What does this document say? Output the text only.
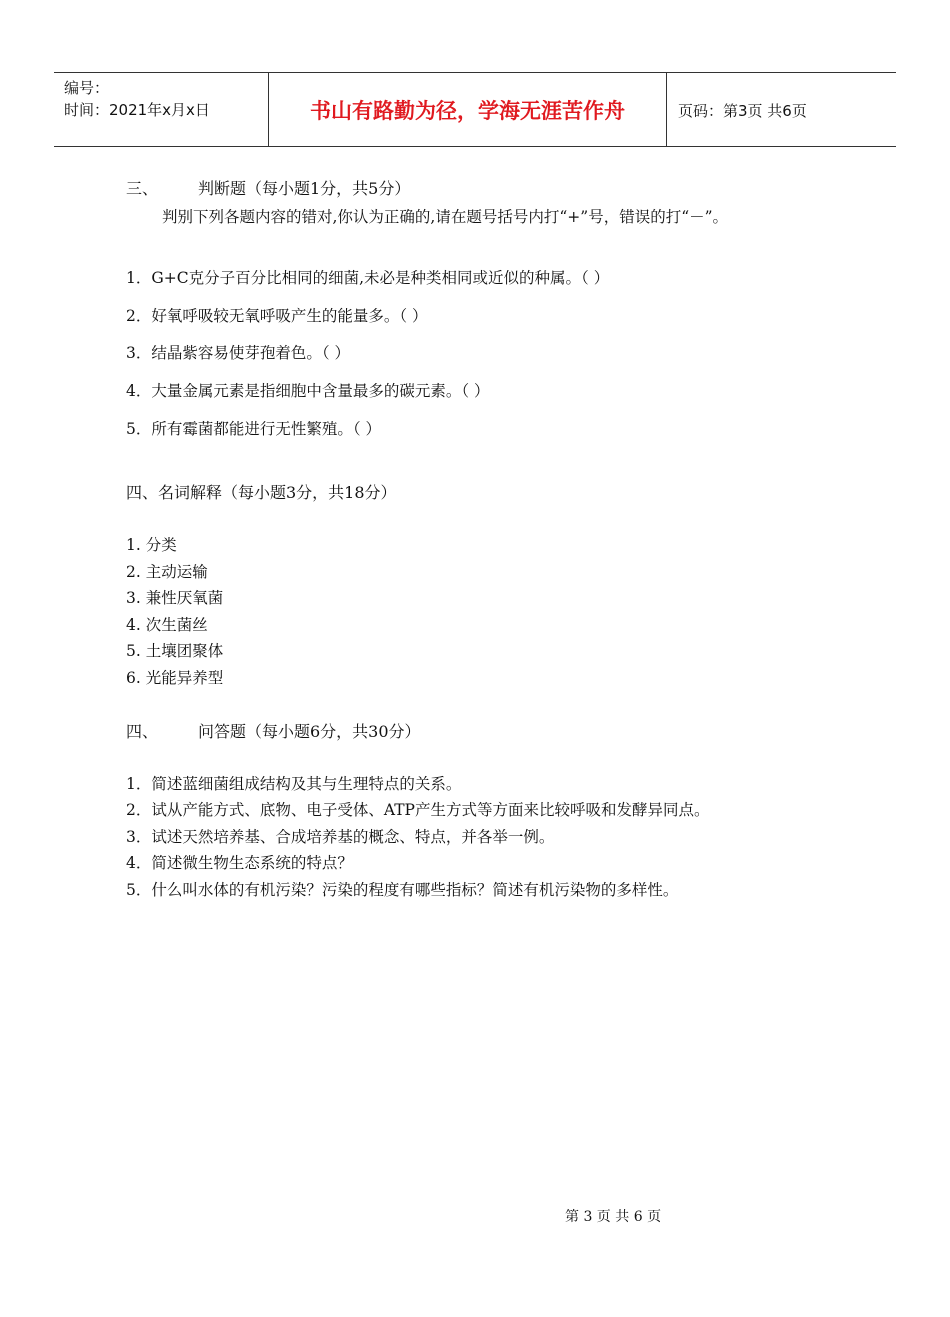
编号：
时间：2021年x月x日	书山有路勤为径，学海无涯苦作舟	页码：第3页 共6页
三、 判断题（每小题1分，共5分）
判别下列各题内容的错对,你认为正确的,请在题号括号内打“+”号，错误的打“－”。
1．G+C克分子百分比相同的细菌,未必是种类相同或近似的种属。（ ）
2．好氧呼吸较无氧呼吸产生的能量多。（ ）
3．结晶紫容易使芽孢着色。（ ）
4．大量金属元素是指细胞中含量最多的碳元素。（ ）
5．所有霉菌都能进行无性繁殖。（ ）
四、名词解释（每小题3分，共18分）
1. 分类
2. 主动运输
3. 兼性厌氧菌
4. 次生菌丝
5. 土壤团聚体
6. 光能异养型
四、 问答题（每小题6分，共30分）
1．简述蓝细菌组成结构及其与生理特点的关系。
2．试从产能方式、底物、电子受体、ATP产生方式等方面来比较呼吸和发酵异同点。
3．试述天然培养基、合成培养基的概念、特点，并各举一例。
4．简述微生物生态系统的特点？
5．什么叫水体的有机污染？污染的程度有哪些指标？简述有机污染物的多样性。
第 3 页 共 6 页
